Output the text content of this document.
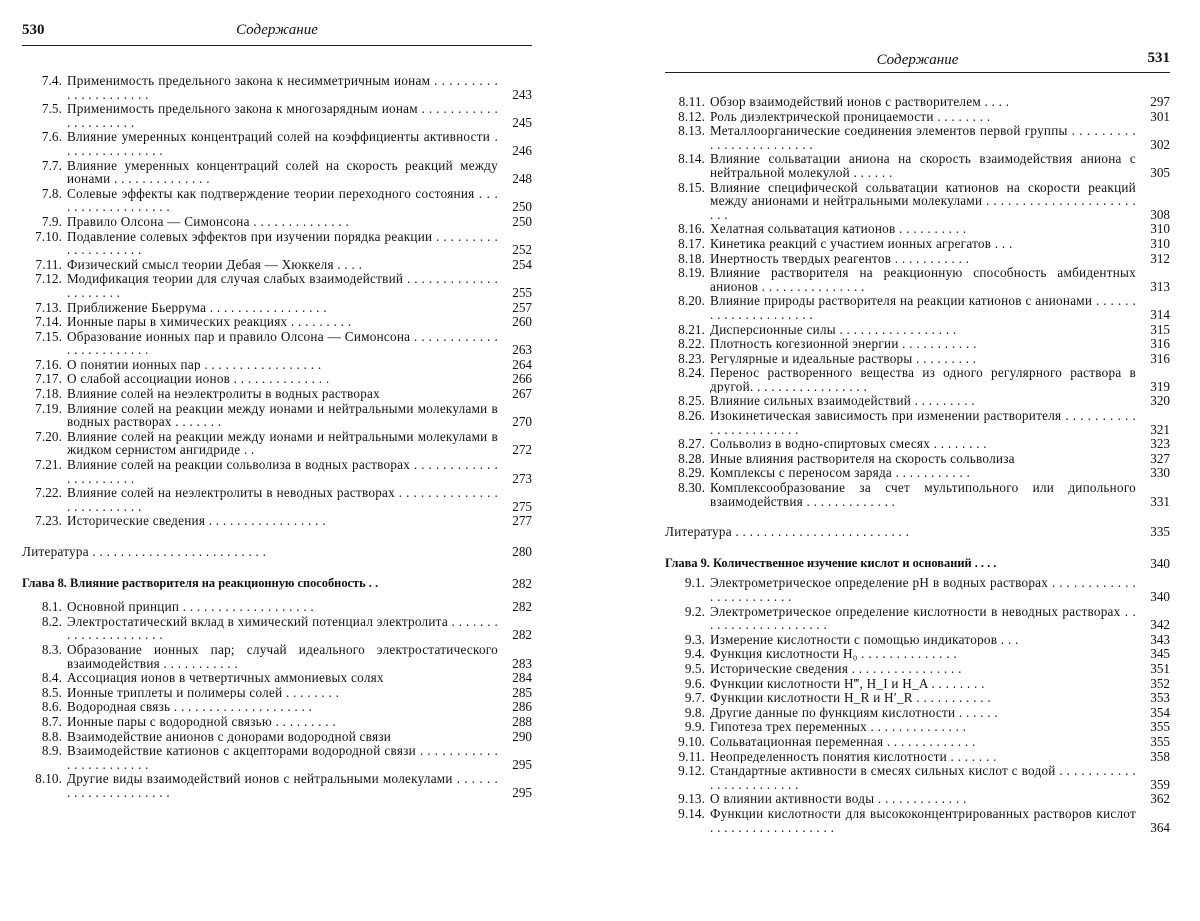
530	Содержание
7.4. Применимость предельного закона к несимметричным ионам . . . . . . . . . . . . . . . . . . . . .	243
7.5. Применимость предельного закона к многозарядным ионам . . . . . . . . . . . . . . . . . . . . .	245
7.6. Влияние умеренных концентраций солей на коэффициенты активности . . . . . . . . . . . . . . .	246
7.7. Влияние умеренных концентраций солей на скорость реакций между ионами . . . . . . . . . . . . . .	248
7.8. Солевые эффекты как подтверждение теории переходного состояния . . . . . . . . . . . . . . . . . .	250
7.9. Правило Олсона — Симонсона . . . . . . . . . . . . . .	250
7.10. Подавление солевых эффектов при изучении порядка реакции . . . . . . . . . . . . . . . . . . . .	252
7.11. Физический смысл теории Дебая — Хюккеля . . . .	254
7.12. Модификация теории для случая слабых взаимодействий . . . . . . . . . . . . . . . . . . . . .	255
7.13. Приближение Бьеррума . . . . . . . . . . . . . . . . .	257
7.14. Ионные пары в химических реакциях . . . . . . . . .	260
7.15. Образование ионных пар и правило Олсона — Симонсона . . . . . . . . . . . . . . . . . . . . . . . .	263
7.16. О понятии ионных пар . . . . . . . . . . . . . . . . .	264
7.17. О слабой ассоциации ионов . . . . . . . . . . . . . .	266
7.18. Влияние солей на неэлектролиты в водных растворах	267
7.19. Влияние солей на реакции между ионами и нейтральными молекулами в водных растворах . . . . . . .	270
7.20. Влияние солей на реакции между ионами и нейтральными молекулами в жидком сернистом ангидриде . .	272
7.21. Влияние солей на реакции сольволиза в водных растворах . . . . . . . . . . . . . . . . . . . . . .	273
7.22. Влияние солей на неэлектролиты в неводных растворах . . . . . . . . . . . . . . . . . . . . . . . . .	275
7.23. Исторические сведения . . . . . . . . . . . . . . . . .	277
Литература . . . . . . . . . . . . . . . . . . . . . . . . .	280
Глава 8. Влияние растворителя на реакционную способность . .	282
8.1. Основной принцип . . . . . . . . . . . . . . . . . . .	282
8.2. Электростатический вклад в химический потенциал электролита . . . . . . . . . . . . . . . . . . . . .	282
8.3. Образование ионных пар; случай идеального электростатического взаимодействия . . . . . . . . . . .	283
8.4. Ассоциация ионов в четвертичных аммониевых солях	284
8.5. Ионные триплеты и полимеры солей . . . . . . . .	285
8.6. Водородная связь . . . . . . . . . . . . . . . . . . . .	286
8.7. Ионные пары с водородной связью . . . . . . . . .	288
8.8. Взаимодействие анионов с донорами водородной связи	290
8.9. Взаимодействие катионов с акцепторами водородной связи . . . . . . . . . . . . . . . . . . . . . . .	295
8.10. Другие виды взаимодействий ионов с нейтральными молекулами . . . . . . . . . . . . . . . . . . . . .	295
Содержание	531
8.11. Обзор взаимодействий ионов с растворителем . . . .	297
8.12. Роль диэлектрической проницаемости . . . . . . . .	301
8.13. Металлоорганические соединения элементов первой группы . . . . . . . . . . . . . . . . . . . . . . . .	302
8.14. Влияние сольватации аниона на скорость взаимодействия аниона с нейтральной молекулой . . . . . .	305
8.15. Влияние специфической сольватации катионов на скорости реакций между анионами и нейтральными молекулами . . . . . . . . . . . . . . . . . . . . . . . .	308
8.16. Хелатная сольватация катионов . . . . . . . . . .	310
8.17. Кинетика реакций с участием ионных агрегатов . . .	310
8.18. Инертность твердых реагентов . . . . . . . . . . .	312
8.19. Влияние растворителя на реакционную способность амбидентных анионов . . . . . . . . . . . . . . .	313
8.20. Влияние природы растворителя на реакции катионов с анионами . . . . . . . . . . . . . . . . . . . . .	314
8.21. Дисперсионные силы . . . . . . . . . . . . . . . . .	315
8.22. Плотность когезионной энергии . . . . . . . . . . .	316
8.23. Регулярные и идеальные растворы . . . . . . . . .	316
8.24. Перенос растворенного вещества из одного регулярного раствора в другой. . . . . . . . . . . . . . . . .	319
8.25. Влияние сильных взаимодействий . . . . . . . . .	320
8.26. Изокинетическая зависимость при изменении растворителя . . . . . . . . . . . . . . . . . . . . . . .	321
8.27. Сольволиз в водно-спиртовых смесях . . . . . . . .	323
8.28. Иные влияния растворителя на скорость сольволиза	327
8.29. Комплексы с переносом заряда . . . . . . . . . . .	330
8.30. Комплексообразование за счет мультипольного или дипольного взаимодействия . . . . . . . . . . . . .	331
Литература . . . . . . . . . . . . . . . . . . . . . . . . .	335
Глава 9. Количественное изучение кислот и оснований . . . .	340
9.1. Электрометрическое определение pH в водных растворах . . . . . . . . . . . . . . . . . . . . . . . .	340
9.2. Электрометрическое определение кислотности в неводных растворах . . . . . . . . . . . . . . . . . . .	342
9.3. Измерение кислотности с помощью индикаторов . . .	343
9.4. Функция кислотности H₀ . . . . . . . . . . . . . .	345
9.5. Исторические сведения . . . . . . . . . . . . . . . .	351
9.6. Функции кислотности H‴, H_I и H_A . . . . . . . .	352
9.7. Функции кислотности H_R и H′_R . . . . . . . . . . .	353
9.8. Другие данные по функциям кислотности . . . . . .	354
9.9. Гипотеза трех переменных . . . . . . . . . . . . . .	355
9.10. Сольватационная переменная . . . . . . . . . . . . .	355
9.11. Неопределенность понятия кислотности . . . . . . .	358
9.12. Стандартные активности в смесях сильных кислот с водой . . . . . . . . . . . . . . . . . . . . . . . .	359
9.13. О влиянии активности воды . . . . . . . . . . . . .	362
9.14. Функции кислотности для высококонцентрированных растворов кислот . . . . . . . . . . . . . . . . . .	364
